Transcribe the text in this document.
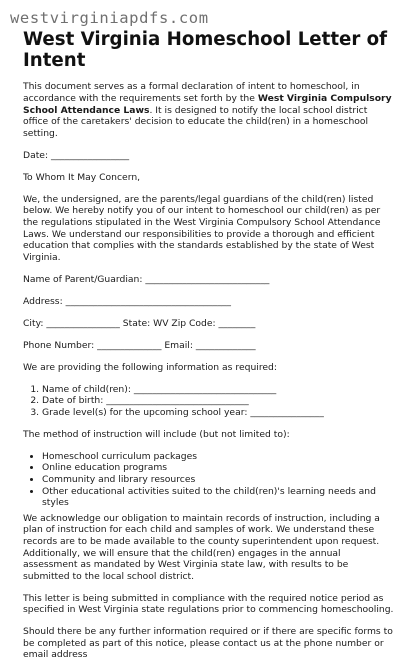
westvirginiapdfs.com
West Virginia Homeschool Letter of Intent

This document serves as a formal declaration of intent to homeschool, in accordance with the requirements set forth by the West Virginia Compulsory School Attendance Laws. It is designed to notify the local school district office of the caretakers' decision to educate the child(ren) in a homeschool setting.

Date: _________________

To Whom It May Concern,

We, the undersigned, are the parents/legal guardians of the child(ren) listed below. We hereby notify you of our intent to homeschool our child(ren) as per the regulations stipulated in the West Virginia Compulsory School Attendance Laws. We understand our responsibilities to provide a thorough and efficient education that complies with the standards established by the state of West Virginia.

Name of Parent/Guardian: ___________________________

Address: ____________________________________

City: ________________ State: WV Zip Code: ________

Phone Number: ______________ Email: _____________

We are providing the following information as required:

1. Name of child(ren): _______________________________
2. Date of birth: _______________________________
3. Grade level(s) for the upcoming school year: ________________

The method of instruction will include (but not limited to):

• Homeschool curriculum packages
• Online education programs
• Community and library resources
• Other educational activities suited to the child(ren)'s learning needs and styles

We acknowledge our obligation to maintain records of instruction, including a plan of instruction for each child and samples of work. We understand these records are to be made available to the county superintendent upon request. Additionally, we will ensure that the child(ren) engages in the annual assessment as mandated by West Virginia state law, with results to be submitted to the local school district.

This letter is being submitted in compliance with the required notice period as specified in West Virginia state regulations prior to commencing homeschooling.

Should there be any further information required or if there are specific forms to be completed as part of this notice, please contact us at the phone number or email address
